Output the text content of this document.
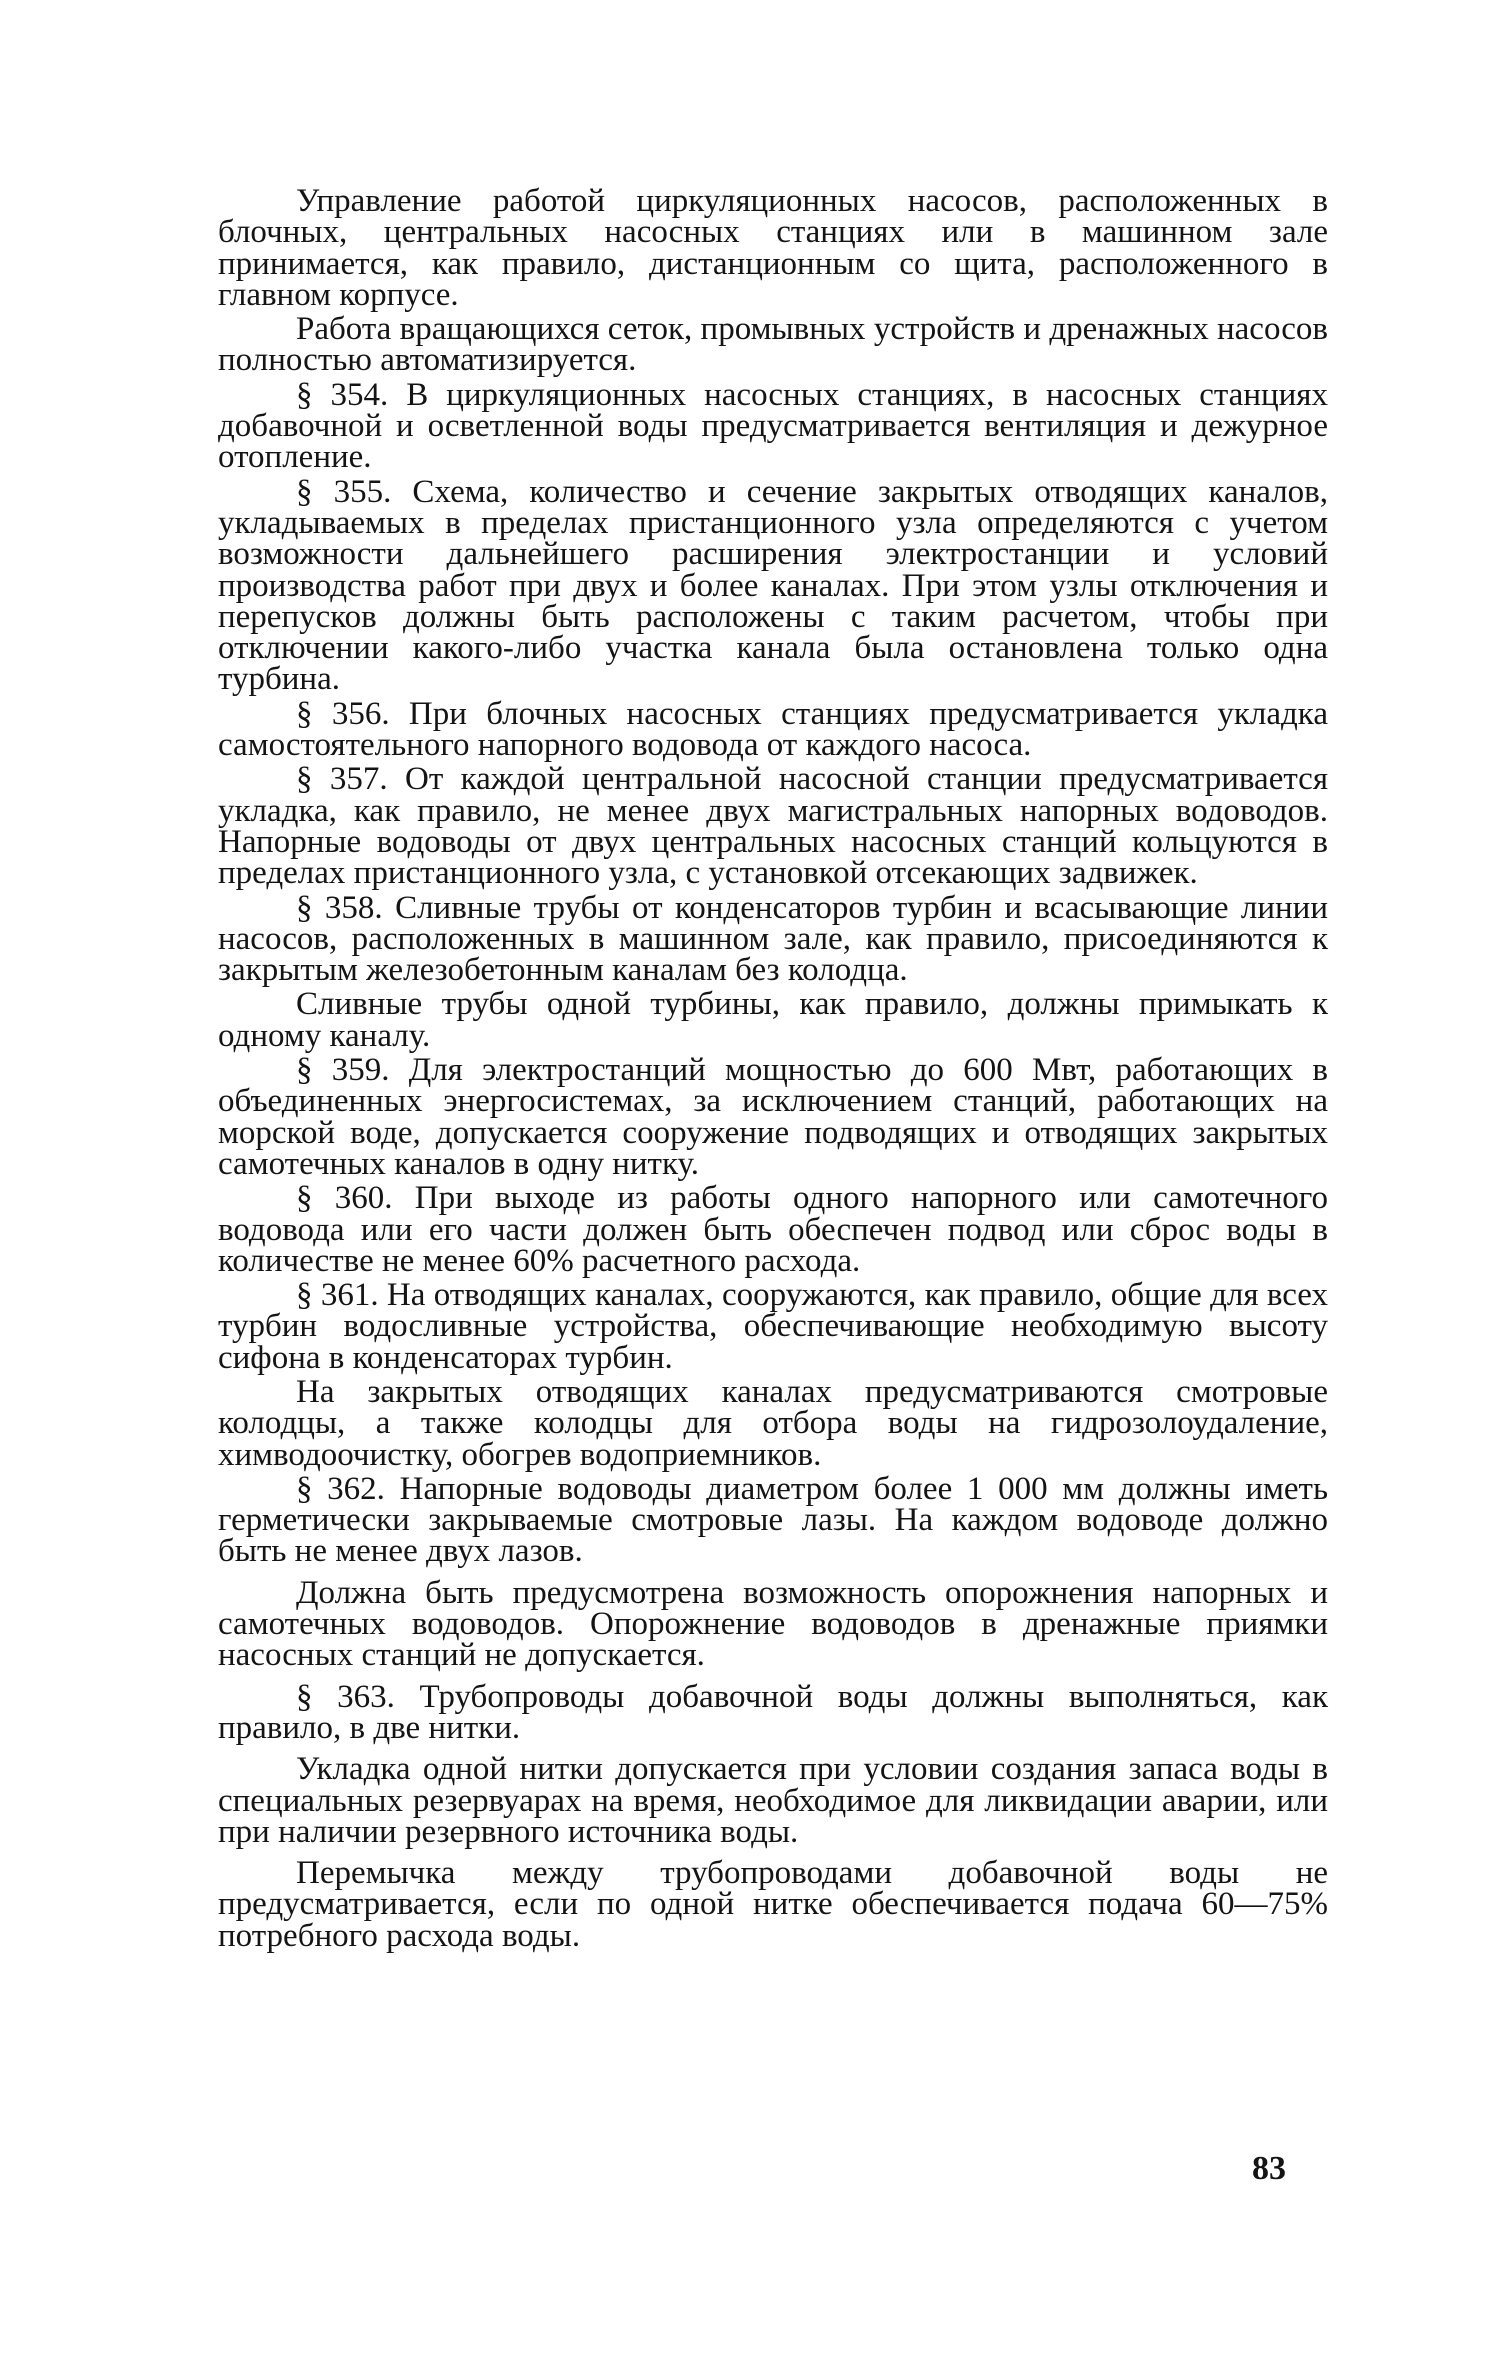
Управление работой циркуляционных насосов, расположенных в блочных, центральных насосных станциях или в машинном зале принимается, как правило, дистанционным со щита, расположенного в главном корпусе.

Работа вращающихся сеток, промывных устройств и дренажных насосов полностью автоматизируется.

§ 354. В циркуляционных насосных станциях, в насосных станциях добавочной и осветленной воды предусматривается вентиляция и дежурное отопление.

§ 355. Схема, количество и сечение закрытых отводящих каналов, укладываемых в пределах пристанционного узла определяются с учетом возможности дальнейшего расширения электростанции и условий производства работ при двух и более каналах. При этом узлы отключения и перепусков должны быть расположены с таким расчетом, чтобы при отключении какого-либо участка канала была остановлена только одна турбина.

§ 356. При блочных насосных станциях предусматривается укладка самостоятельного напорного водовода от каждого насоса.

§ 357. От каждой центральной насосной станции предусматривается укладка, как правило, не менее двух магистральных напорных водоводов. Напорные водоводы от двух центральных насосных станций кольцуются в пределах пристанционного узла, с установкой отсекающих задвижек.

§ 358. Сливные трубы от конденсаторов турбин и всасывающие линии насосов, расположенных в машинном зале, как правило, присоединяются к закрытым железобетонным каналам без колодца.

Сливные трубы одной турбины, как правило, должны примыкать к одному каналу.

§ 359. Для электростанций мощностью до 600 Мвт, работающих в объединенных энергосистемах, за исключением станций, работающих на морской воде, допускается сооружение подводящих и отводящих закрытых самотечных каналов в одну нитку.

§ 360. При выходе из работы одного напорного или самотечного водовода или его части должен быть обеспечен подвод или сброс воды в количестве не менее 60% расчетного расхода.

§ 361. На отводящих каналах, сооружаются, как правило, общие для всех турбин водосливные устройства, обеспечивающие необходимую высоту сифона в конденсаторах турбин.

На закрытых отводящих каналах предусматриваются смотровые колодцы, а также колодцы для отбора воды на гидрозолоудаление, химводоочистку, обогрев водоприемников.

§ 362. Напорные водоводы диаметром более 1 000 мм должны иметь герметически закрываемые смотровые лазы. На каждом водоводе должно быть не менее двух лазов.

Должна быть предусмотрена возможность опорожнения напорных и самотечных водоводов. Опорожнение водоводов в дренажные приямки насосных станций не допускается.

§ 363. Трубопроводы добавочной воды должны выполняться, как правило, в две нитки.

Укладка одной нитки допускается при условии создания запаса воды в специальных резервуарах на время, необходимое для ликвидации аварии, или при наличии резервного источника воды.

Перемычка между трубопроводами добавочной воды не предусматривается, если по одной нитке обеспечивается подача 60—75% потребного расхода воды.

83
